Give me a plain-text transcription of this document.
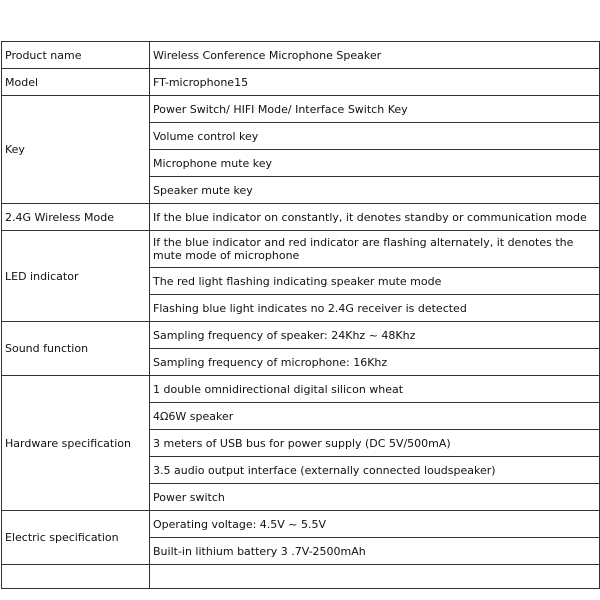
Product name	Wireless Conference Microphone Speaker
Model	FT-microphone15
Key	Power Switch/ HIFI Mode/ Interface Switch Key
	Volume control key
	Microphone mute key
	Speaker mute key
2.4G Wireless Mode	If the blue indicator on constantly, it denotes standby or communication mode
LED indicator	If the blue indicator and red indicator are flashing alternately, it denotes the mute mode of microphone
	The red light flashing indicating speaker mute mode
	Flashing blue light indicates no 2.4G receiver is detected
Sound function	Sampling frequency of speaker: 24Khz ~ 48Khz
	Sampling frequency of microphone: 16Khz
Hardware specification	1 double omnidirectional digital silicon wheat
	4Ω6W speaker
	3 meters of USB bus for power supply (DC 5V/500mA)
	3.5 audio output interface (externally connected loudspeaker)
	Power switch
Electric specification	Operating voltage: 4.5V ~ 5.5V
	Built-in lithium battery 3 .7V-2500mAh
